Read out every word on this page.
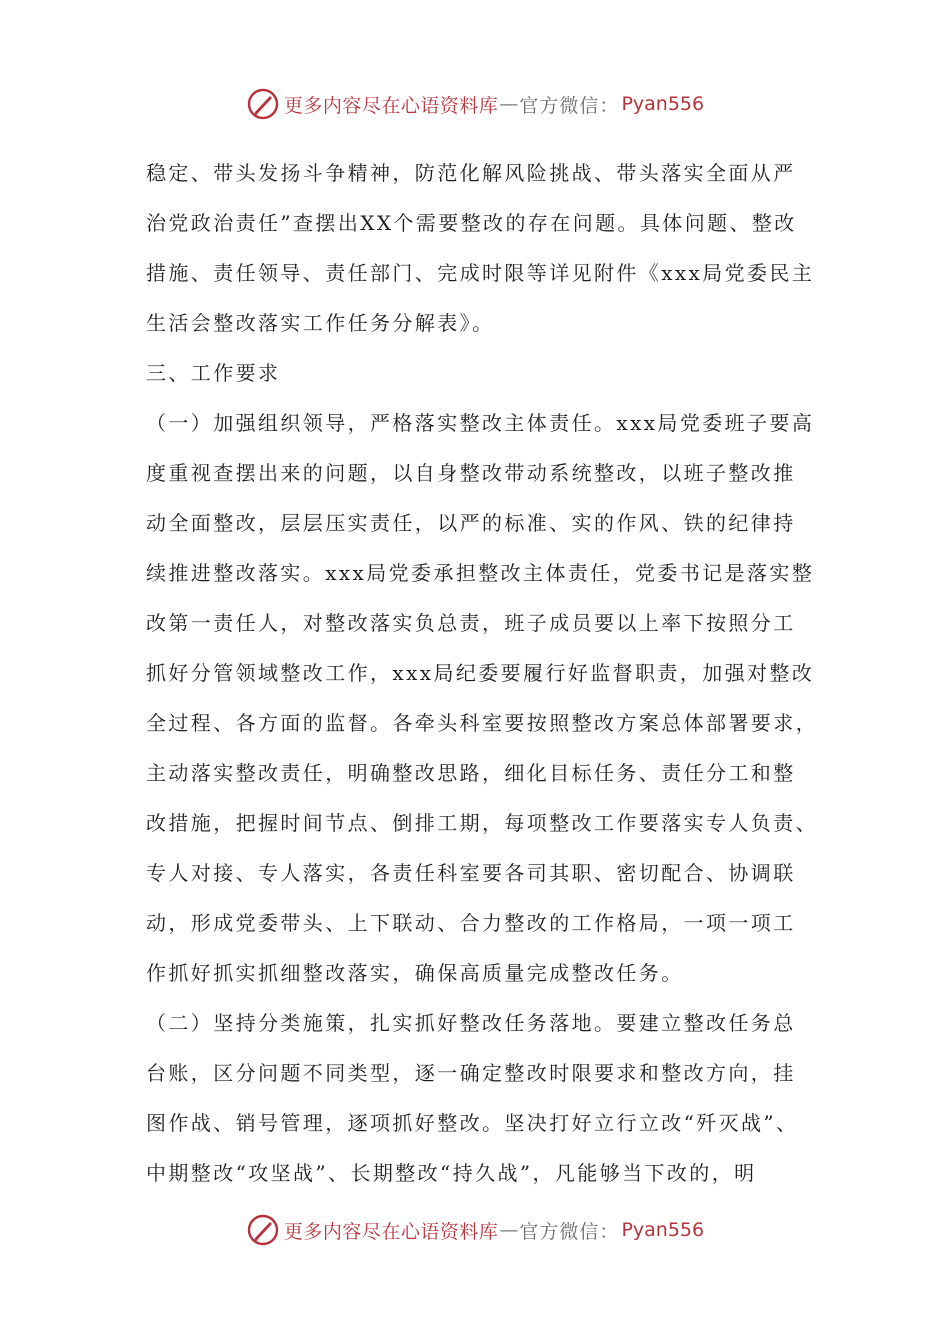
更多内容尽在心语资料库 — 官方微信： Pyan556
稳定、带头发扬斗争精神，防范化解风险挑战、带头落实全面从严
治党政治责任”查摆出XX个需要整改的存在问题。具体问题、整改
措施、责任领导、责任部门、完成时限等详见附件《xxx局党委民主
生活会整改落实工作任务分解表》。
三、工作要求
（一）加强组织领导，严格落实整改主体责任。xxx局党委班子要高
度重视查摆出来的问题，以自身整改带动系统整改，以班子整改推
动全面整改，层层压实责任，以严的标准、实的作风、铁的纪律持
续推进整改落实。xxx局党委承担整改主体责任，党委书记是落实整
改第一责任人，对整改落实负总责，班子成员要以上率下按照分工
抓好分管领域整改工作，xxx局纪委要履行好监督职责，加强对整改
全过程、各方面的监督。各牵头科室要按照整改方案总体部署要求，
主动落实整改责任，明确整改思路，细化目标任务、责任分工和整
改措施，把握时间节点、倒排工期，每项整改工作要落实专人负责、
专人对接、专人落实，各责任科室要各司其职、密切配合、协调联
动，形成党委带头、上下联动、合力整改的工作格局，一项一项工
作抓好抓实抓细整改落实，确保高质量完成整改任务。
（二）坚持分类施策，扎实抓好整改任务落地。要建立整改任务总
台账，区分问题不同类型，逐一确定整改时限要求和整改方向，挂
图作战、销号管理，逐项抓好整改。坚决打好立行立改“歼灭战”、
中期整改“攻坚战”、长期整改“持久战”，凡能够当下改的，明
更多内容尽在心语资料库 — 官方微信： Pyan556
